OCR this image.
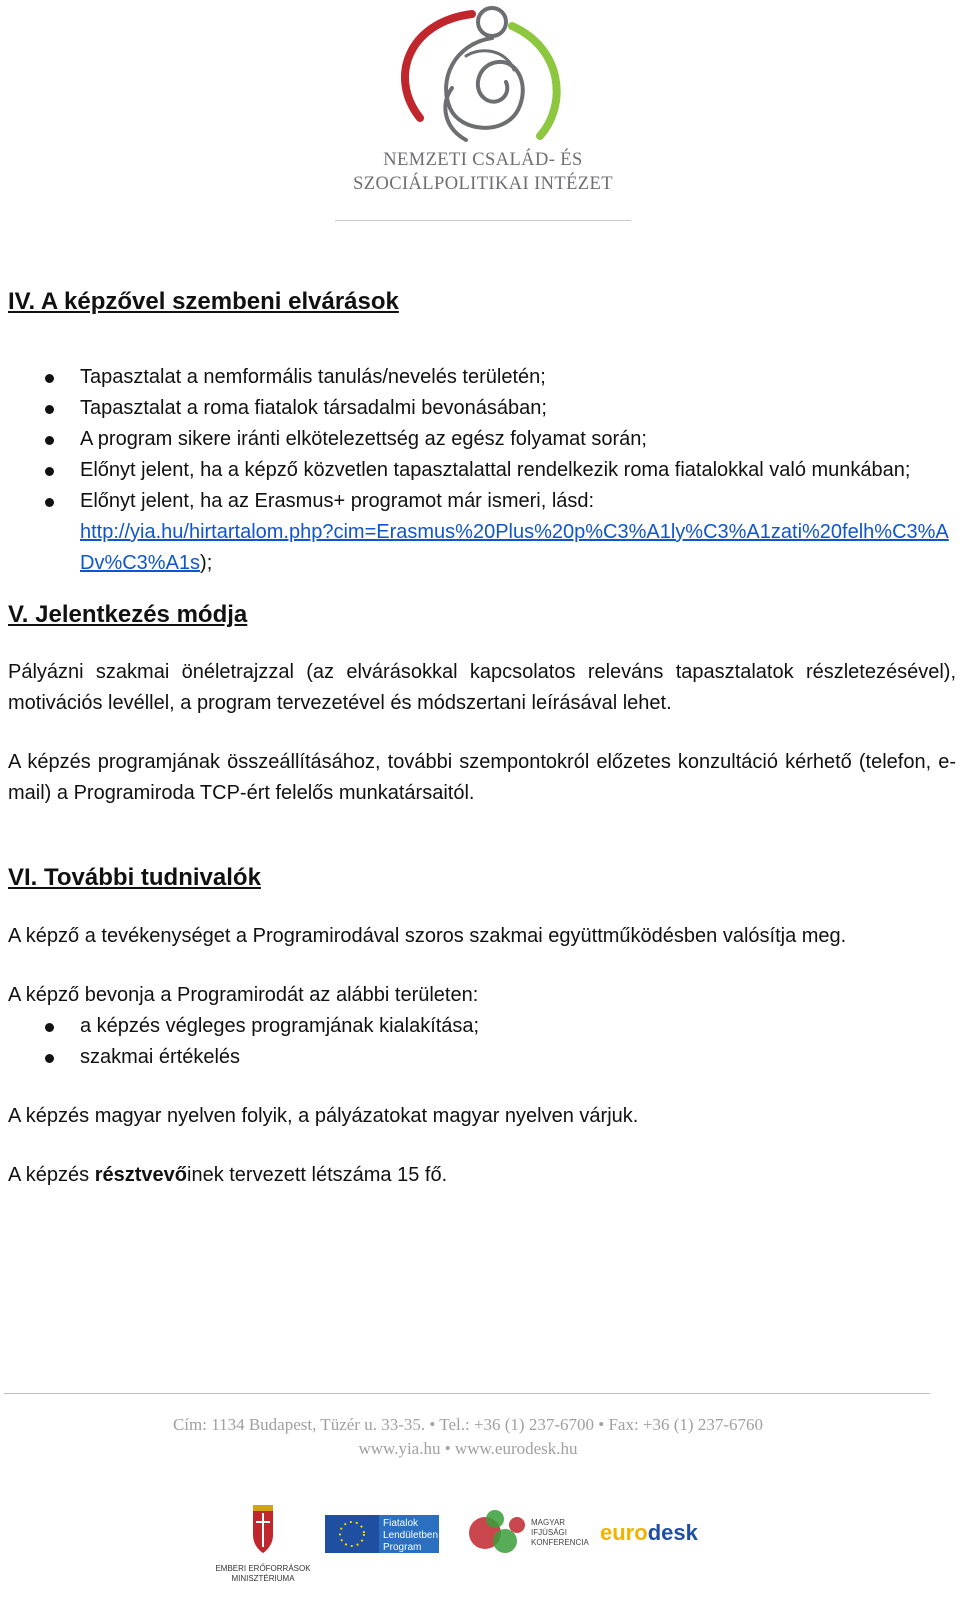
NEMZETI CSALÁD- ÉS
SZOCIÁLPOLITIKAI INTÉZET
IV. A képzővel szembeni elvárások
Tapasztalat a nemformális tanulás/nevelés területén;
Tapasztalat a roma fiatalok társadalmi bevonásában;
A program sikere iránti elkötelezettség az egész folyamat során;
Előnyt jelent, ha a képző közvetlen tapasztalattal rendelkezik roma fiatalokkal való munkában;
Előnyt jelent, ha az Erasmus+ programot már ismeri, lásd:
http://yia.hu/hirtartalom.php?cim=Erasmus%20Plus%20p%C3%A1ly%C3%A1zati%20felh%C3%ADv%C3%A1s);
V. Jelentkezés módja

Pályázni szakmai önéletrajzzal (az elvárásokkal kapcsolatos releváns tapasztalatok részletezésével), motivációs levéllel, a program tervezetével és módszertani leírásával lehet.

A képzés programjának összeállításához, további szempontokról előzetes konzultáció kérhető (telefon, e-mail) a Programiroda TCP-ért felelős munkatársaitól.

VI. További tudnivalók

A képző a tevékenységet a Programirodával szoros szakmai együttműködésben valósítja meg.

A képző bevonja a Programirodát az alábbi területen:

a képzés végleges programjának kialakítása;
szakmai értékelés

A képzés magyar nyelven folyik, a pályázatokat magyar nyelven várjuk.

A képzés résztvevőinek tervezett létszáma 15 fő.

Cím: 1134 Budapest, Tüzér u. 33-35. • Tel.: +36 (1) 237-6700 • Fax: +36 (1) 237-6760
www.yia.hu • www.eurodesk.hu
EMBERI ERŐFORRÁSOK
MINISZTÉRIUMA
Fiatalok
Lendületben
Program
MAGYAR
IFJÚSÁGI
KONFERENCIA eurodesk
